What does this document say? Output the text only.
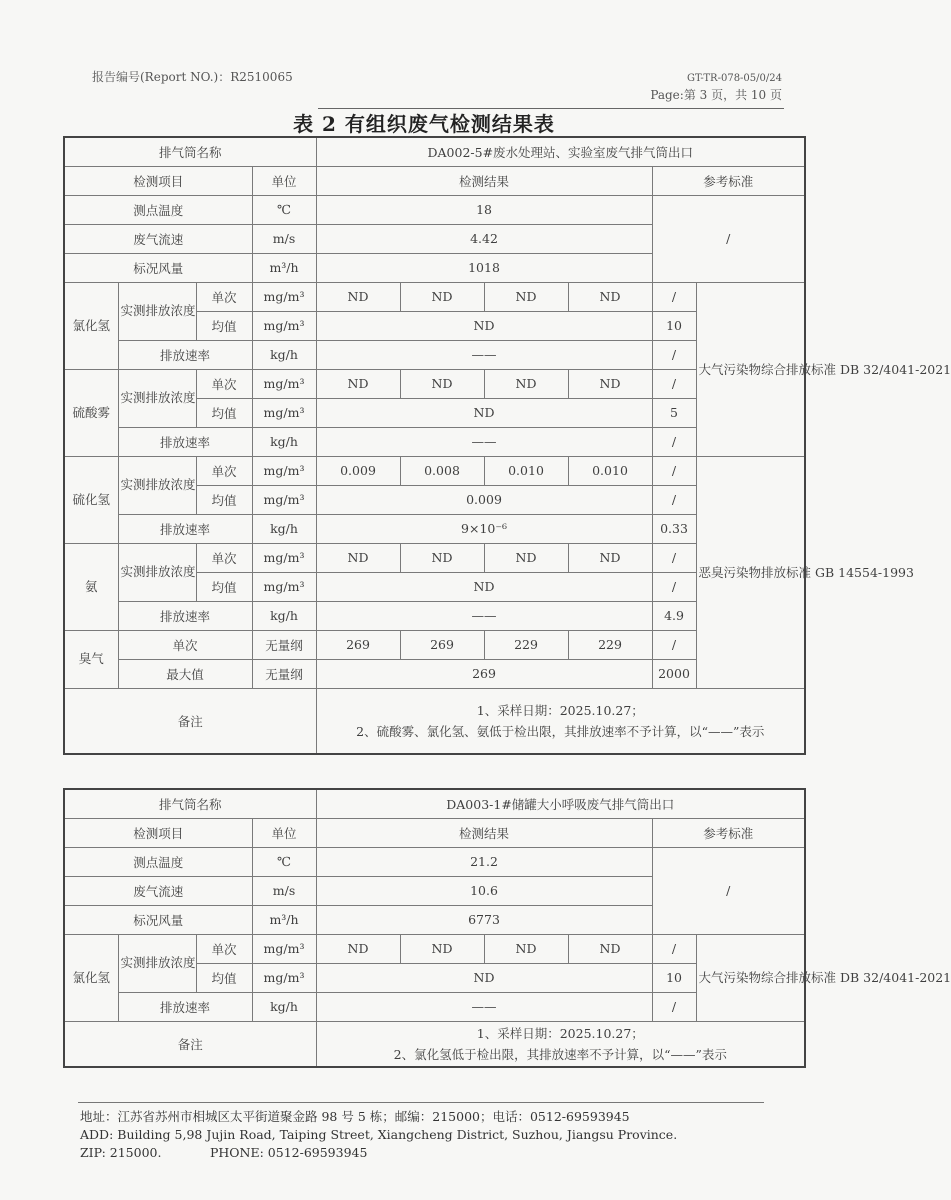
报告编号(Report NO.)：R2510065	GT-TR-078-05/0/24
Page:第 3 页，共 10 页
表 2 有组织废气检测结果表
排气筒名称				DA002-5#废水处理站、实验室废气排气筒出口					
检测项目			单位	检测结果				参考标准	
测点温度			℃	18				/	
废气流速			m/s	4.42					
标况风量			m³/h	1018					
氯化氢	实测排放浓度	单次	mg/m³	ND	ND	ND	ND	/	大气污染物综合排放标准 DB 32/4041-2021
		均值	mg/m³	ND				10	
	排放速率		kg/h	——				/	
硫酸雾	实测排放浓度	单次	mg/m³	ND	ND	ND	ND	/	
		均值	mg/m³	ND				5	
	排放速率		kg/h	——				/	
硫化氢	实测排放浓度	单次	mg/m³	0.009	0.008	0.010	0.010	/	恶臭污染物排放标准 GB 14554-1993
		均值	mg/m³	0.009				/	
	排放速率		kg/h	9×10⁻⁶				0.33	
氨	实测排放浓度	单次	mg/m³	ND	ND	ND	ND	/	
		均值	mg/m³	ND				/	
	排放速率		kg/h	——				4.9	
臭气	单次		无量纲	269	269	229	229	/	
	最大值		无量纲	269				2000	
备注				1、采样日期：2025.10.27；
2、硫酸雾、氯化氢、氨低于检出限，其排放速率不予计算，以“——”表示					
排气筒名称				DA003-1#储罐大小呼吸废气排气筒出口					
检测项目			单位	检测结果				参考标准	
测点温度			℃	21.2				/	
废气流速			m/s	10.6					
标况风量			m³/h	6773					
氯化氢	实测排放浓度	单次	mg/m³	ND	ND	ND	ND	/	大气污染物综合排放标准 DB 32/4041-2021
		均值	mg/m³	ND				10	
	排放速率		kg/h	——				/	
备注				1、采样日期：2025.10.27；
2、氯化氢低于检出限，其排放速率不予计算，以“——”表示					
地址：江苏省苏州市相城区太平街道聚金路 98 号 5 栋；邮编：215000；电话：0512-69593945
ADD: Building 5,98 Jujin Road, Taiping Street, Xiangcheng District, Suzhou, Jiangsu Province.
ZIP: 215000.	PHONE: 0512-69593945
